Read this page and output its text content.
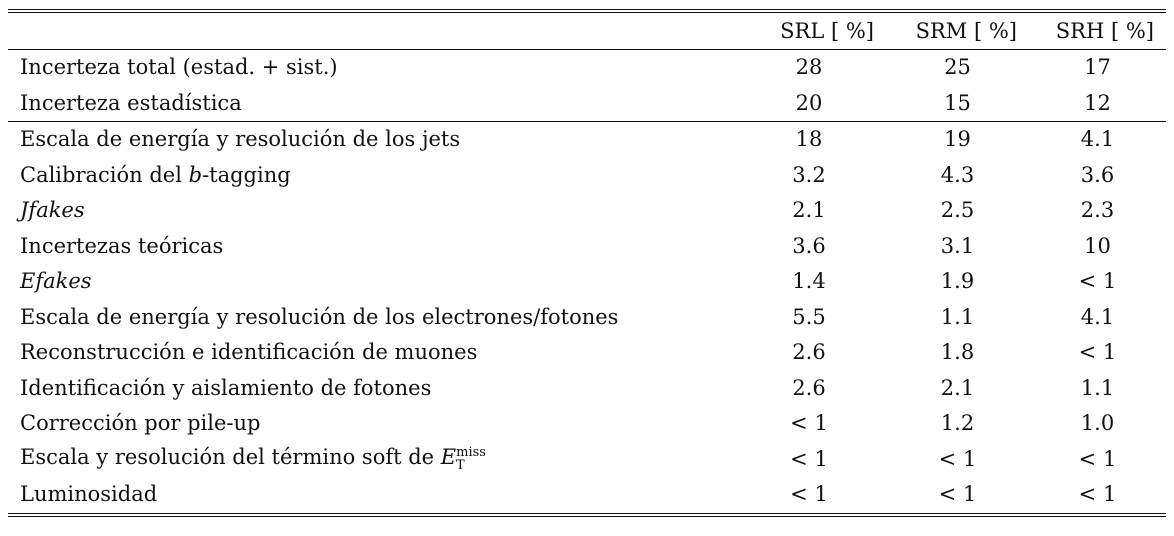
	SRL [ %]	SRM [ %]	SRH [ %]
Incerteza total (estad. + sist.)	28	25	17
Incerteza estadística	20	15	12
Escala de energía y resolución de los jets	18	19	4.1
Calibración del b-tagging	3.2	4.3	3.6
Jfakes	2.1	2.5	2.3
Incertezas teóricas	3.6	3.1	10
Efakes	1.4	1.9	< 1
Escala de energía y resolución de los electrones/fotones	5.5	1.1	4.1
Reconstrucción e identificación de muones	2.6	1.8	< 1
Identificación y aislamiento de fotones	2.6	2.1	1.1
Corrección por pile-up	< 1	1.2	1.0
Escala y resolución del término soft de $E^{miss}_T$	< 1	< 1	< 1
Luminosidad	< 1	< 1	< 1
